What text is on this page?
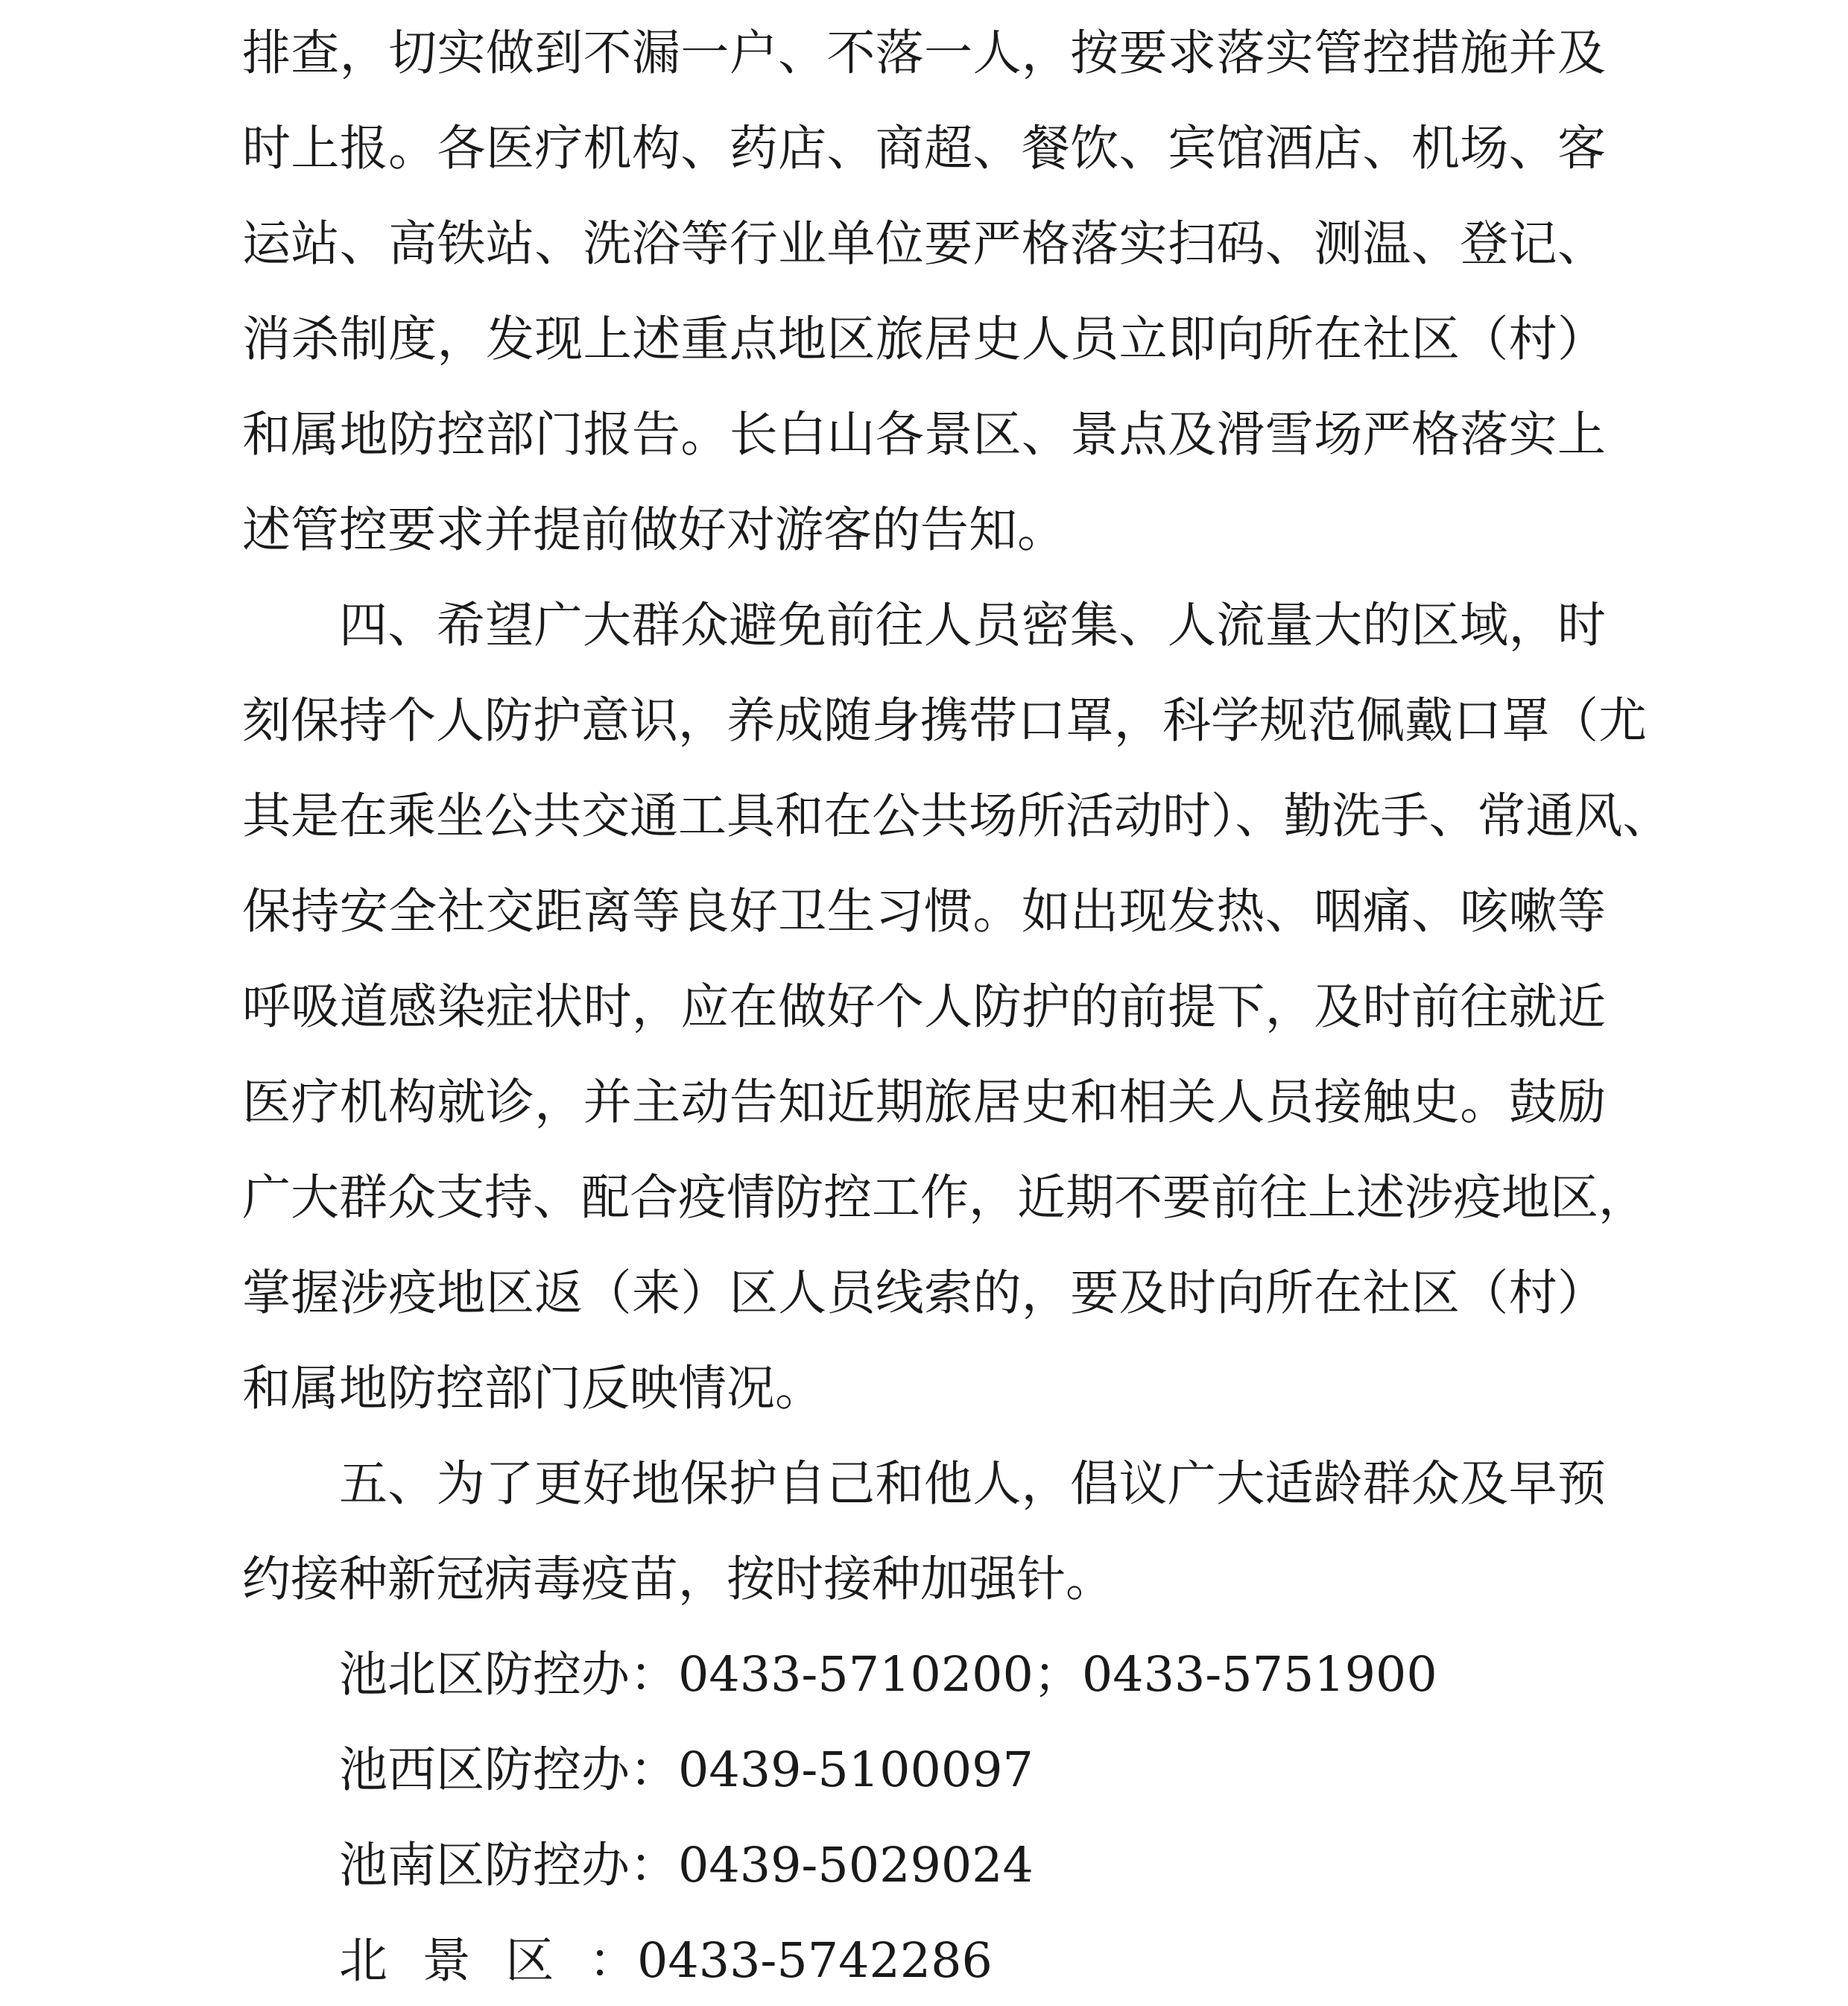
排查，切实做到不漏一户、不落一人，按要求落实管控措施并及
时上报。各医疗机构、药店、商超、餐饮、宾馆酒店、机场、客
运站、高铁站、洗浴等行业单位要严格落实扫码、测温、登记、
消杀制度，发现上述重点地区旅居史人员立即向所在社区（村）
和属地防控部门报告。长白山各景区、景点及滑雪场严格落实上
述管控要求并提前做好对游客的告知。
四、希望广大群众避免前往人员密集、人流量大的区域，时
刻保持个人防护意识，养成随身携带口罩，科学规范佩戴口罩（尤
其是在乘坐公共交通工具和在公共场所活动时）、勤洗手、常通风、
保持安全社交距离等良好卫生习惯。如出现发热、咽痛、咳嗽等
呼吸道感染症状时，应在做好个人防护的前提下，及时前往就近
医疗机构就诊，并主动告知近期旅居史和相关人员接触史。鼓励
广大群众支持、配合疫情防控工作，近期不要前往上述涉疫地区，
掌握涉疫地区返（来）区人员线索的，要及时向所在社区（村）
和属地防控部门反映情况。
五、为了更好地保护自己和他人，倡议广大适龄群众及早预
约接种新冠病毒疫苗，按时接种加强针。
池北区防控办：0433-5710200；0433-5751900
池西区防控办：0439-5100097
池南区防控办：0439-5029024
北景区：0433-5742286
